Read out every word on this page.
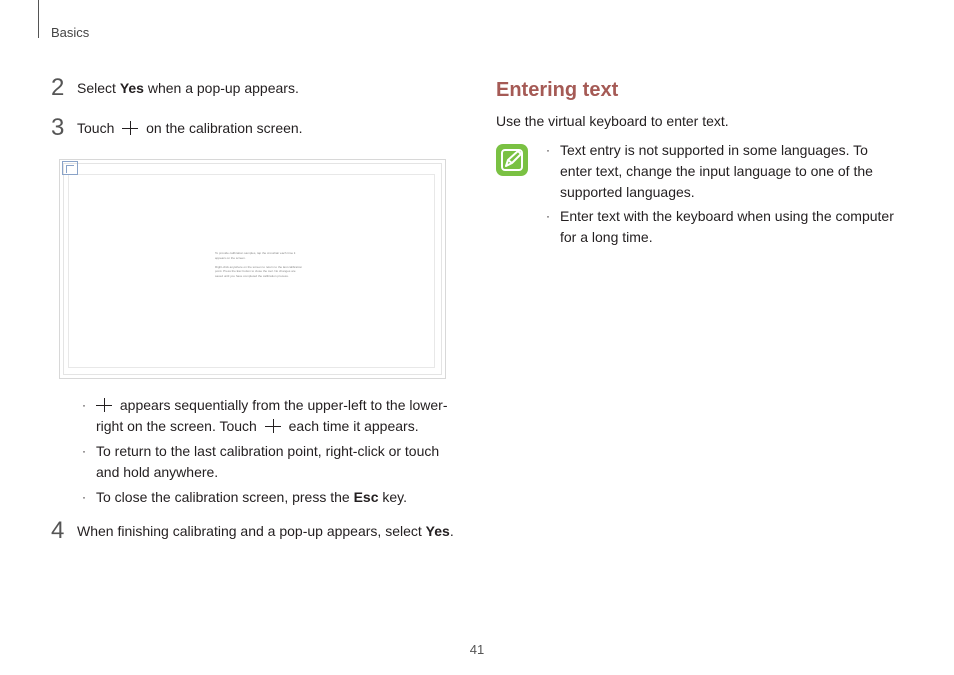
Basics
2 Select Yes when a pop-up appears.
3 Touch  on the calibration screen.
To provide calibration samples, tap the crosshair each time it
appears on the screen.

Right-click anywhere on the screen to return to the last calibration
point. Press the Esc button to close the tool. No changes are
saved until you have completed the calibration process.
·	appears sequentially from the upper-left to the lower-
right on the screen. Touch  each time it appears.
· To return to the last calibration point, right-click or touch
and hold anywhere.
· To close the calibration screen, press the Esc key.
4 When finishing calibrating and a pop-up appears, select Yes.
Entering text
Use the virtual keyboard to enter text.
· Text entry is not supported in some languages. To
enter text, change the input language to one of the
supported languages.
· Enter text with the keyboard when using the computer
for a long time.
41
